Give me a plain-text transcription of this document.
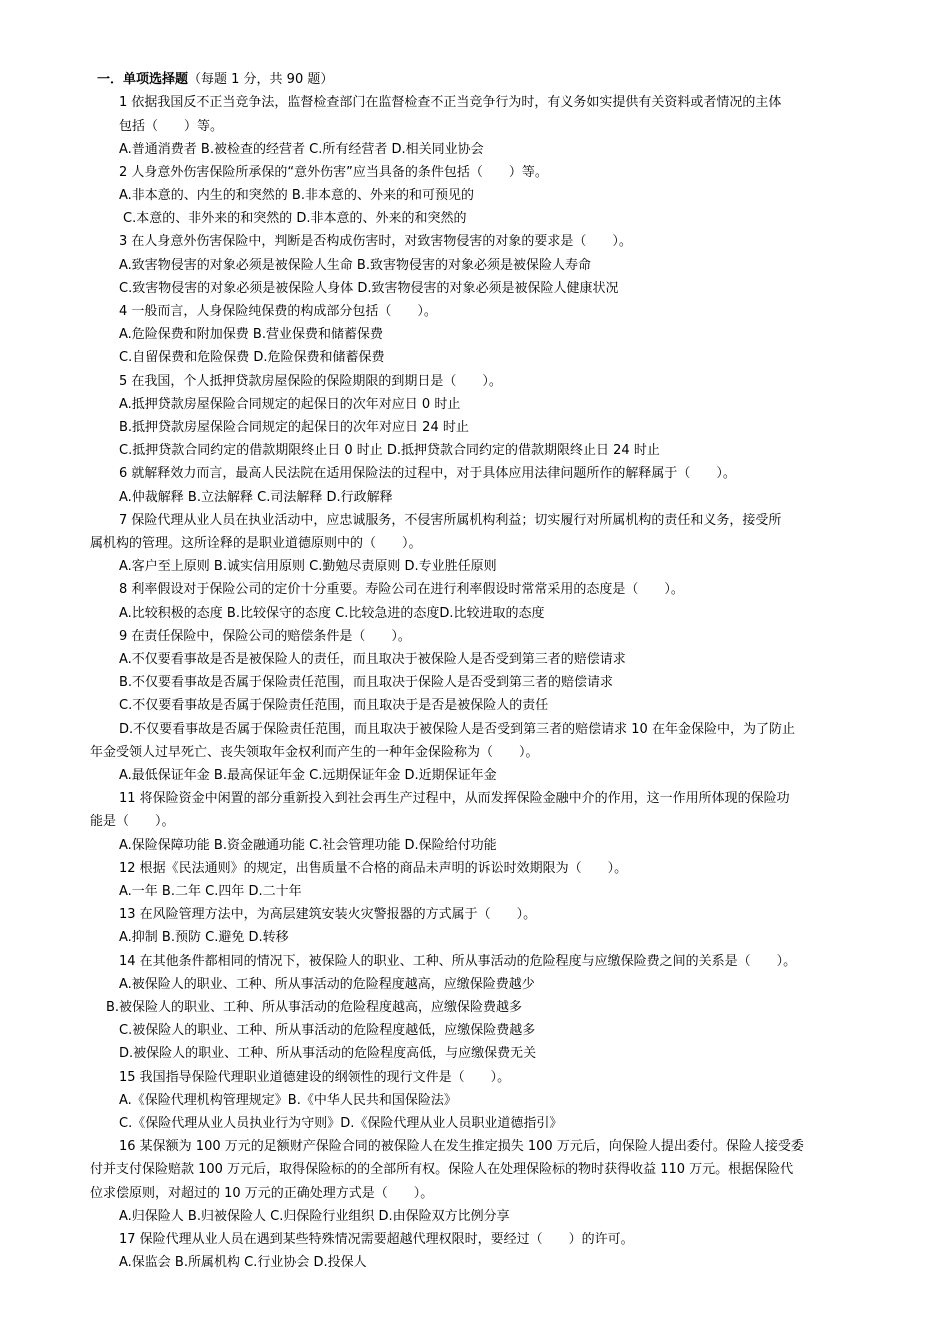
一．单项选择题（每题 1 分，共 90 题）
1 依据我国反不正当竞争法，监督检查部门在监督检查不正当竞争行为时，有义务如实提供有关资料或者情况的主体
包括（　　）等。
A.普通消费者 B.被检查的经营者 C.所有经营者 D.相关同业协会
2 人身意外伤害保险所承保的“意外伤害”应当具备的条件包括（　　）等。
A.非本意的、内生的和突然的 B.非本意的、外来的和可预见的
C.本意的、非外来的和突然的 D.非本意的、外来的和突然的
3 在人身意外伤害保险中，判断是否构成伤害时，对致害物侵害的对象的要求是（　　）。
A.致害物侵害的对象必须是被保险人生命 B.致害物侵害的对象必须是被保险人寿命
C.致害物侵害的对象必须是被保险人身体 D.致害物侵害的对象必须是被保险人健康状况
4 一般而言，人身保险纯保费的构成部分包括（　　）。
A.危险保费和附加保费 B.营业保费和储蓄保费
C.自留保费和危险保费 D.危险保费和储蓄保费
5 在我国，个人抵押贷款房屋保险的保险期限的到期日是（　　）。
A.抵押贷款房屋保险合同规定的起保日的次年对应日 0 时止
B.抵押贷款房屋保险合同规定的起保日的次年对应日 24 时止
C.抵押贷款合同约定的借款期限终止日 0 时止 D.抵押贷款合同约定的借款期限终止日 24 时止
6 就解释效力而言，最高人民法院在适用保险法的过程中，对于具体应用法律问题所作的解释属于（　　）。
A.仲裁解释 B.立法解释 C.司法解释 D.行政解释
7 保险代理从业人员在执业活动中，应忠诚服务，不侵害所属机构利益；切实履行对所属机构的责任和义务，接受所
属机构的管理。这所诠释的是职业道德原则中的（　　）。
A.客户至上原则 B.诚实信用原则 C.勤勉尽责原则 D.专业胜任原则
8 利率假设对于保险公司的定价十分重要。寿险公司在进行利率假设时常常采用的态度是（　　）。
A.比较积极的态度 B.比较保守的态度 C.比较急进的态度D.比较进取的态度
9 在责任保险中，保险公司的赔偿条件是（　　）。
A.不仅要看事故是否是被保险人的责任，而且取决于被保险人是否受到第三者的赔偿请求
B.不仅要看事故是否属于保险责任范围，而且取决于保险人是否受到第三者的赔偿请求
C.不仅要看事故是否属于保险责任范围，而且取决于是否是被保险人的责任
D.不仅要看事故是否属于保险责任范围，而且取决于被保险人是否受到第三者的赔偿请求 10 在年金保险中，为了防止
年金受领人过早死亡、丧失领取年金权利而产生的一种年金保险称为（　　）。
A.最低保证年金 B.最高保证年金 C.远期保证年金 D.近期保证年金
11 将保险资金中闲置的部分重新投入到社会再生产过程中，从而发挥保险金融中介的作用，这一作用所体现的保险功
能是（　　）。
A.保险保障功能 B.资金融通功能 C.社会管理功能 D.保险给付功能
12 根据《民法通则》的规定，出售质量不合格的商品未声明的诉讼时效期限为（　　）。
A.一年 B.二年 C.四年 D.二十年
13 在风险管理方法中，为高层建筑安装火灾警报器的方式属于（　　）。
A.抑制 B.预防 C.避免 D.转移
14 在其他条件都相同的情况下，被保险人的职业、工种、所从事活动的危险程度与应缴保险费之间的关系是（　　）。
A.被保险人的职业、工种、所从事活动的危险程度越高，应缴保险费越少
B.被保险人的职业、工种、所从事活动的危险程度越高，应缴保险费越多
C.被保险人的职业、工种、所从事活动的危险程度越低，应缴保险费越多
D.被保险人的职业、工种、所从事活动的危险程度高低，与应缴保费无关
15 我国指导保险代理职业道德建设的纲领性的现行文件是（　　）。
A.《保险代理机构管理规定》B.《中华人民共和国保险法》
C.《保险代理从业人员执业行为守则》D.《保险代理从业人员职业道德指引》
16 某保额为 100 万元的足额财产保险合同的被保险人在发生推定损失 100 万元后，向保险人提出委付。保险人接受委
付并支付保险赔款 100 万元后，取得保险标的的全部所有权。保险人在处理保险标的物时获得收益 110 万元。根据保险代
位求偿原则，对超过的 10 万元的正确处理方式是（　　）。
A.归保险人 B.归被保险人 C.归保险行业组织 D.由保险双方比例分享
17 保险代理从业人员在遇到某些特殊情况需要超越代理权限时，要经过（　　）的许可。
A.保监会 B.所属机构 C.行业协会 D.投保人
